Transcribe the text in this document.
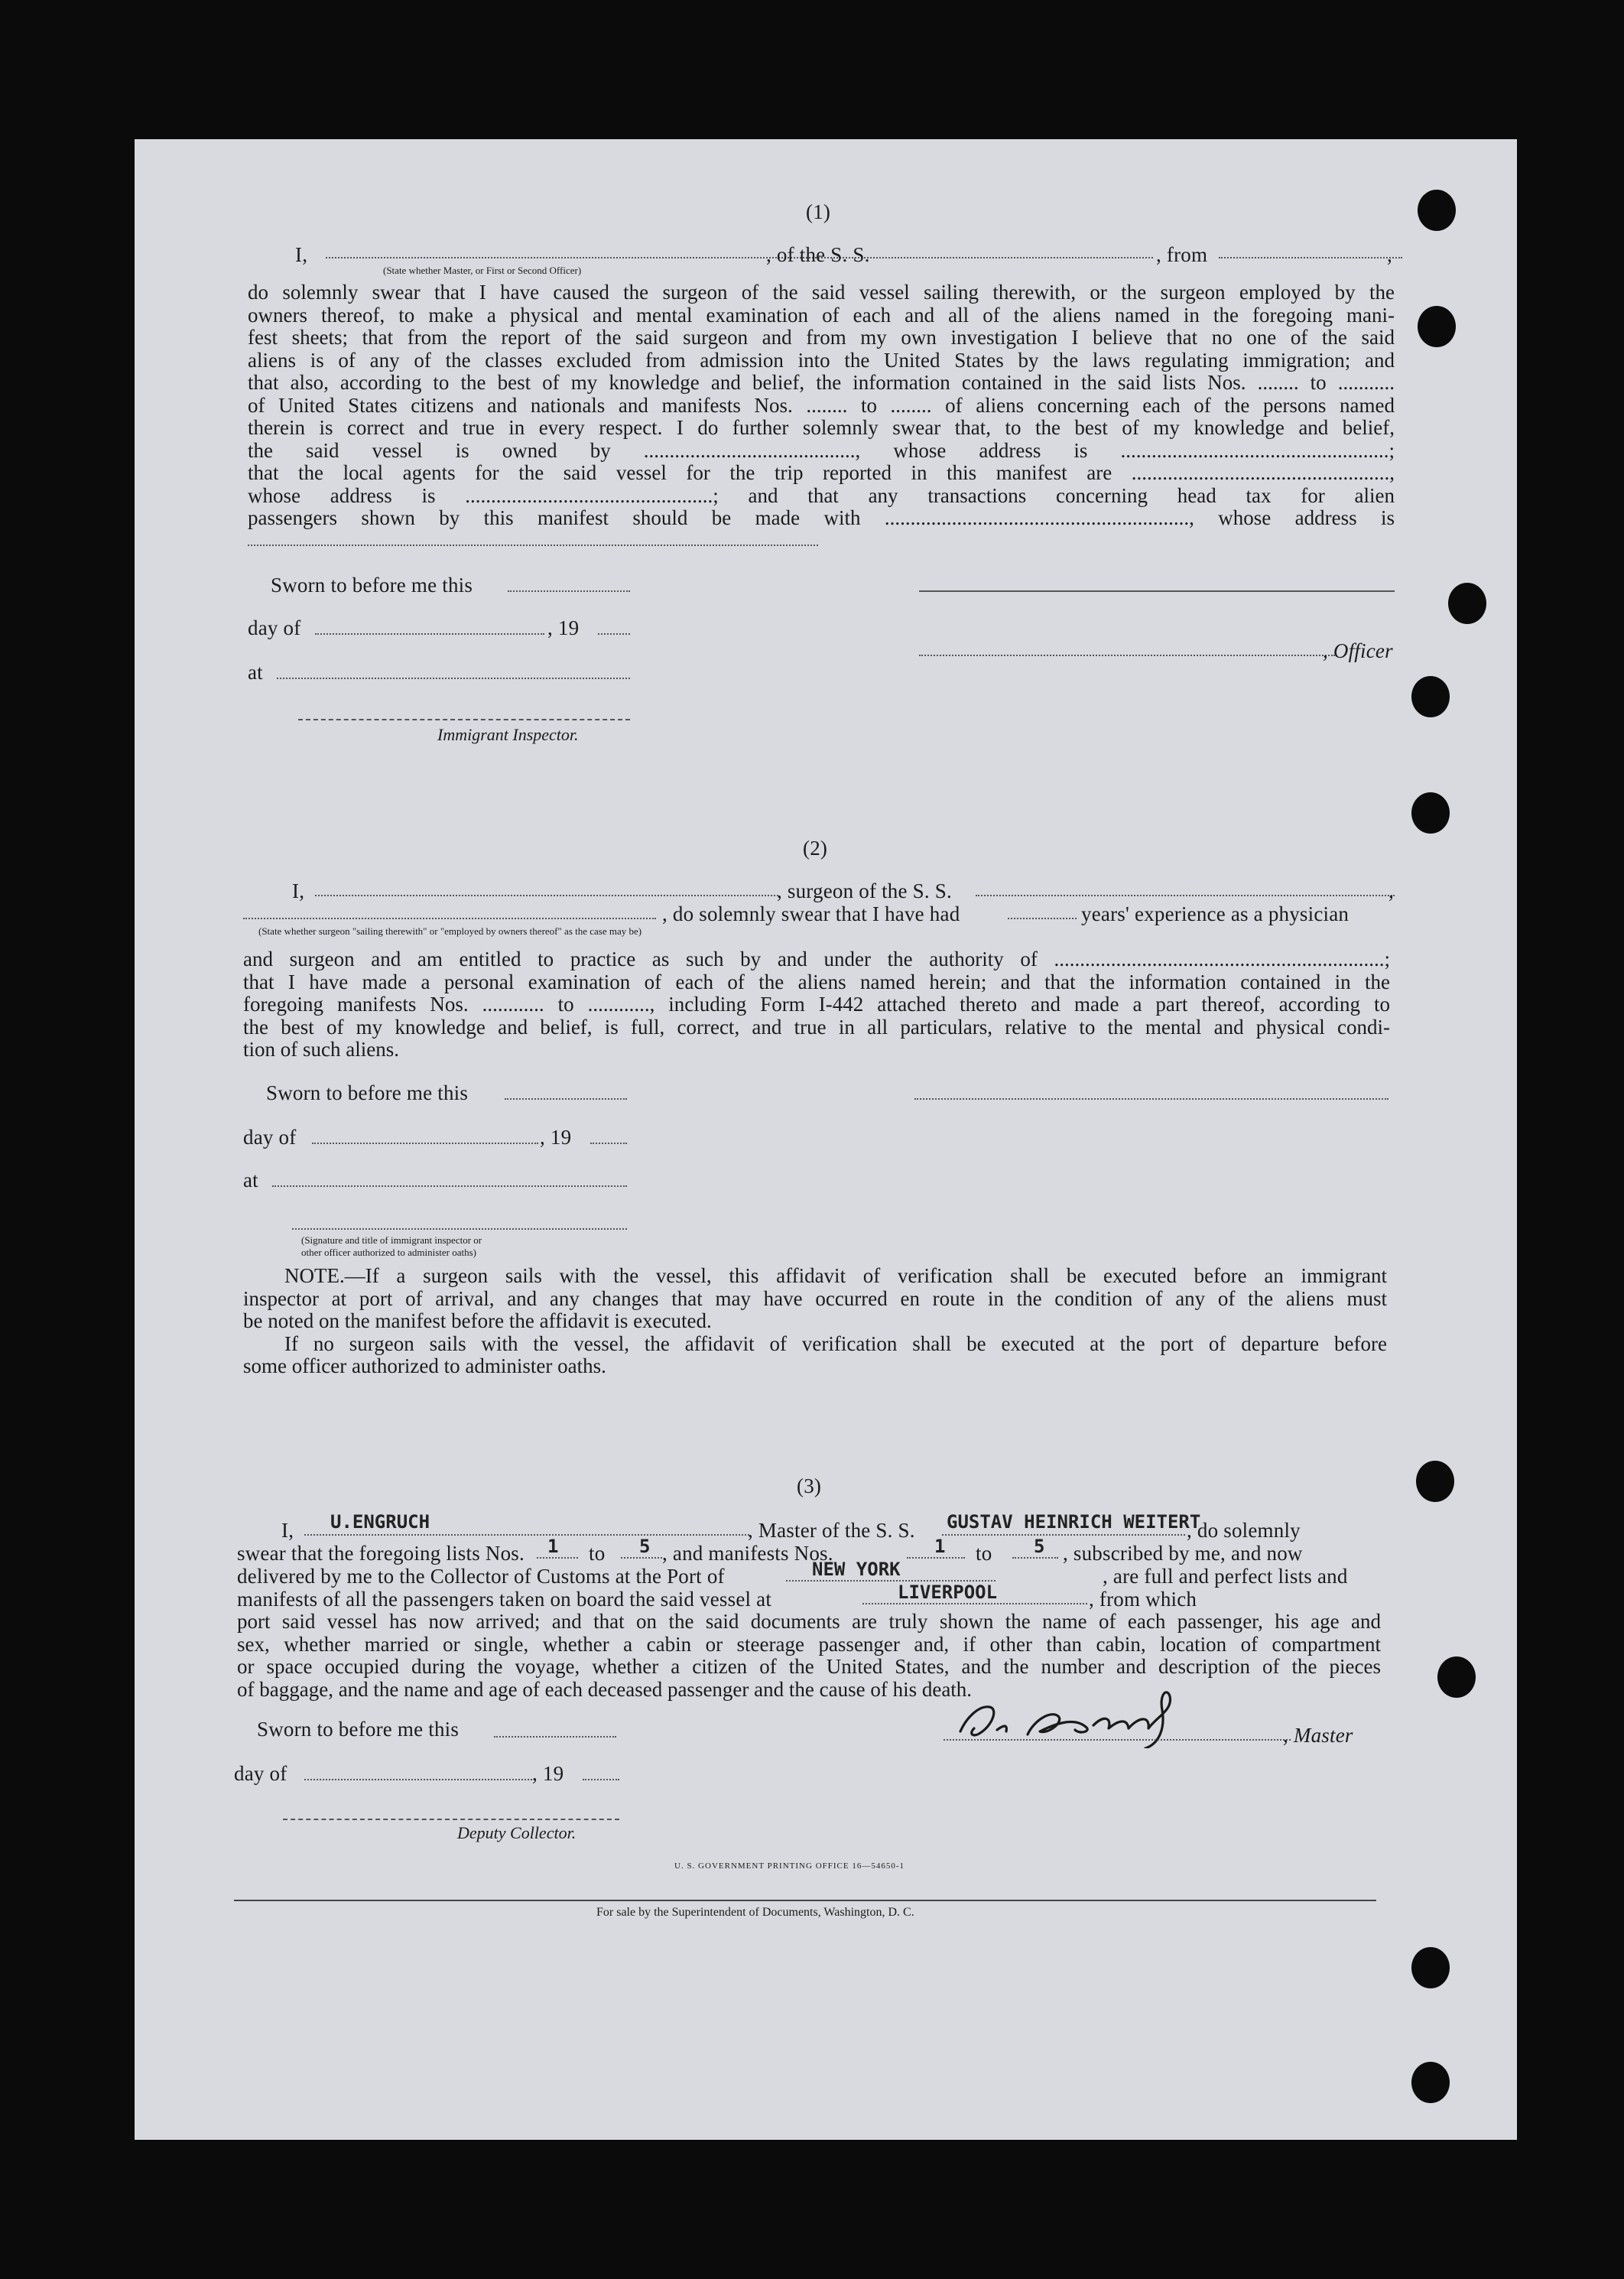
(1)
I,
(State whether Master, or First or Second Officer)
, of the S. S.	, from	,
do solemnly swear that I have caused the surgeon of the said vessel sailing therewith, or the surgeon employed by the
owners thereof, to make a physical and mental examination of each and all of the aliens named in the foregoing mani-
fest sheets; that from the report of the said surgeon and from my own investigation I believe that no one of the said
aliens is of any of the classes excluded from admission into the United States by the laws regulating immigration; and
that also, according to the best of my knowledge and belief, the information contained in the said lists Nos. ........ to ...........
of United States citizens and nationals and manifests Nos. ........ to ........ of aliens concerning each of the persons named
therein is correct and true in every respect. I do further solemnly swear that, to the best of my knowledge and belief,
the said vessel is owned by ........................................., whose address is ....................................................;
that the local agents for the said vessel for the trip reported in this manifest are ..................................................,
whose address is ................................................; and that any transactions concerning head tax for alien
passengers shown by this manifest should be made with ..........................................................., whose address is
Sworn to before me this
day of	, 19
, Officer
at
Immigrant Inspector.
(2)
I,	, surgeon of the S. S.	,
, do solemnly swear that I have had	years' experience as a physician
(State whether surgeon "sailing therewith" or "employed by owners thereof" as the case may be)
and surgeon and am entitled to practice as such by and under the authority of ................................................................;
that I have made a personal examination of each of the aliens named herein; and that the information contained in the
foregoing manifests Nos. ............ to ............, including Form I-442 attached thereto and made a part thereof, according to
the best of my knowledge and belief, is full, correct, and true in all particulars, relative to the mental and physical condi-
tion of such aliens.
Sworn to before me this
day of	, 19
at
(Signature and title of immigrant inspector or
other officer authorized to administer oaths)
NOTE.—If a surgeon sails with the vessel, this affidavit of verification shall be executed before an immigrant
inspector at port of arrival, and any changes that may have occurred en route in the condition of any of the aliens must
be noted on the manifest before the affidavit is executed.
If no surgeon sails with the vessel, the affidavit of verification shall be executed at the port of departure before
some officer authorized to administer oaths.
(3)
I, U.ENGRUCH	, Master of the S. S. GUSTAV HEINRICH WEITERT
, do solemnly
swear that the foregoing lists Nos. 1 to 5 , and manifests Nos.	1 to 5 , subscribed by me, and now
delivered by me to the Collector of Customs at the Port of	NEW YORK	, are full and perfect lists and
manifests of all the passengers taken on board the said vessel at	LIVERPOOL	, from which
port said vessel has now arrived; and that on the said documents are truly shown the name of each passenger, his age and
sex, whether married or single, whether a cabin or steerage passenger and, if other than cabin, location of compartment
or space occupied during the voyage, whether a citizen of the United States, and the number and description of the pieces
of baggage, and the name and age of each deceased passenger and the cause of his death.
Sworn to before me this	, Master
day of	, 19
Deputy Collector.
U. S. GOVERNMENT PRINTING OFFICE 16—54650-1
For sale by the Superintendent of Documents, Washington, D. C.
